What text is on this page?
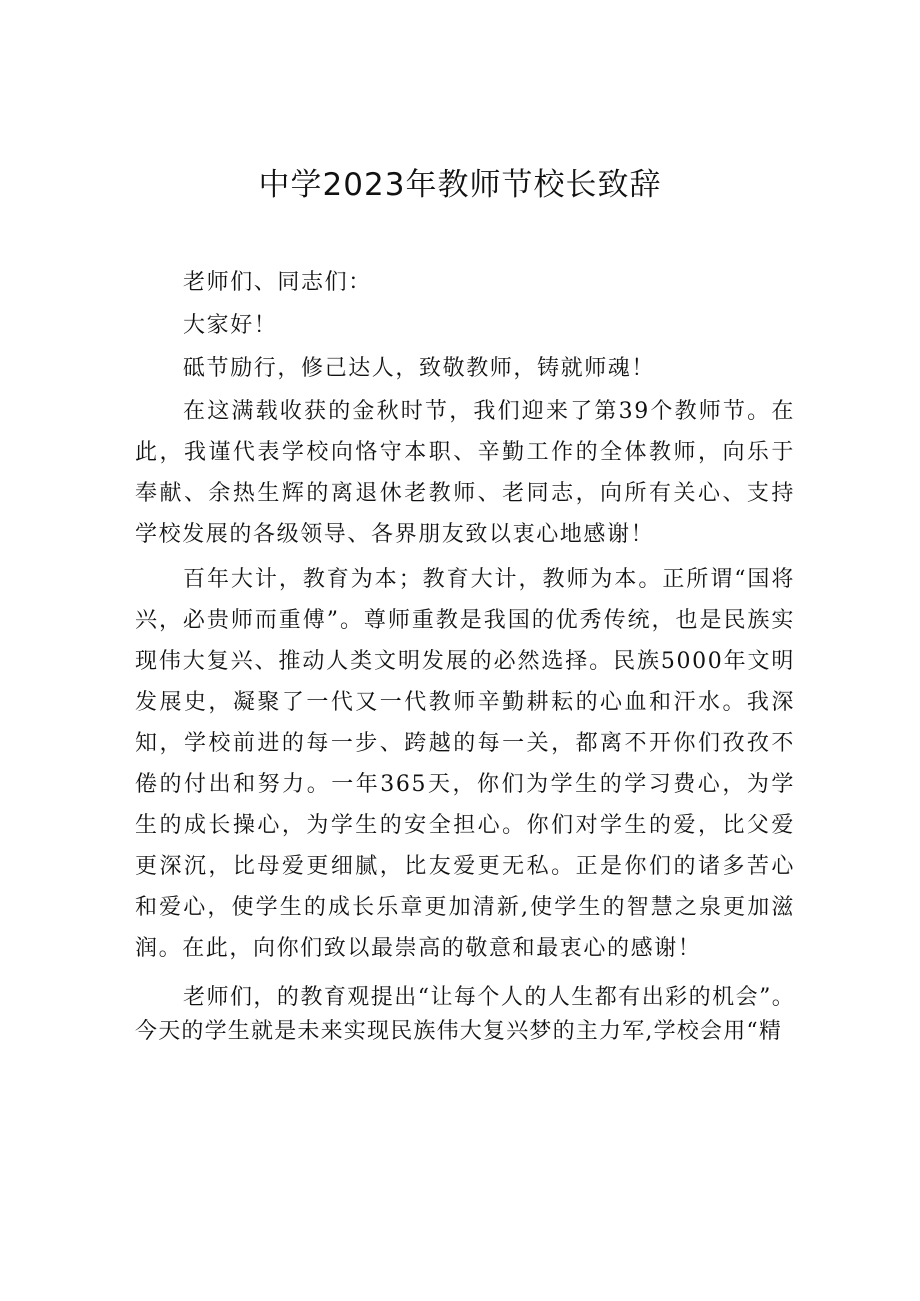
中学2023年教师节校长致辞

老师们、同志们：

大家好！

砥节励行，修己达人，致敬教师，铸就师魂！

在这满载收获的金秋时节，我们迎来了第39个教师节。在此，我谨代表学校向恪守本职、辛勤工作的全体教师，向乐于奉献、余热生辉的离退休老教师、老同志，向所有关心、支持学校发展的各级领导、各界朋友致以衷心地感谢！

百年大计，教育为本；教育大计，教师为本。正所谓“国将兴，必贵师而重傅”。尊师重教是我国的优秀传统，也是民族实现伟大复兴、推动人类文明发展的必然选择。民族5000年文明发展史，凝聚了一代又一代教师辛勤耕耘的心血和汗水。我深知，学校前进的每一步、跨越的每一关，都离不开你们孜孜不倦的付出和努力。一年365天，你们为学生的学习费心，为学生的成长操心，为学生的安全担心。你们对学生的爱，比父爱更深沉，比母爱更细腻，比友爱更无私。正是你们的诸多苦心和爱心，使学生的成长乐章更加清新,使学生的智慧之泉更加滋润。在此，向你们致以最崇高的敬意和最衷心的感谢！

老师们，的教育观提出“让每个人的人生都有出彩的机会”。今天的学生就是未来实现民族伟大复兴梦的主力军,学校会用“精
